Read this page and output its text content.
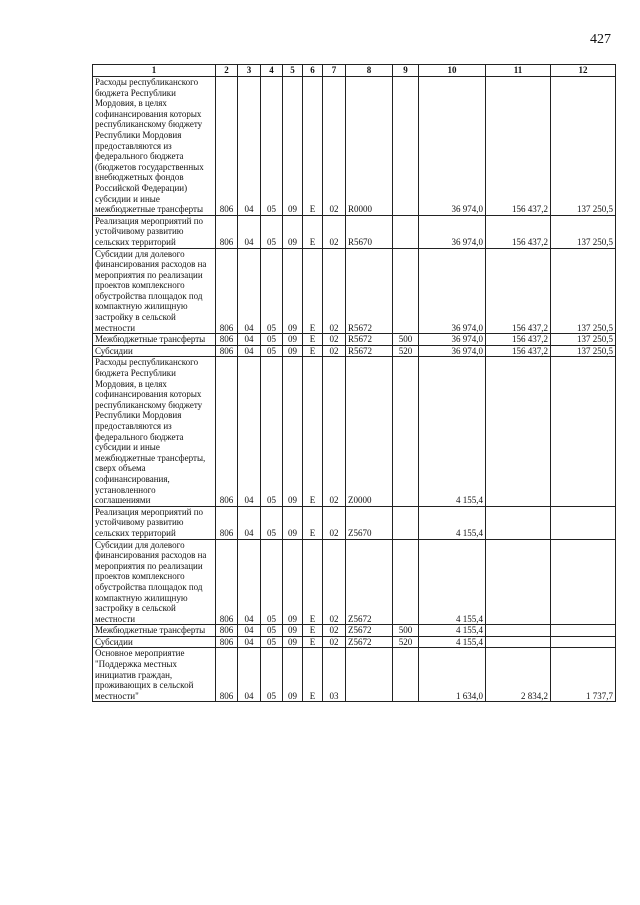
427
1	2	3	4	5	6	7	8	9	10	11	12
Расходы республиканского бюджета Республики Мордовия, в целях софинансирования которых республиканскому бюджету Республики Мордовия предоставляются из федерального бюджета (бюджетов государственных внебюджетных фондов Российской Федерации) субсидии и иные межбюджетные трансферты	806	04	05	09	Е	02	R0000		36 974,0	156 437,2	137 250,5
Реализация мероприятий по устойчивому развитию сельских территорий	806	04	05	09	Е	02	R5670		36 974,0	156 437,2	137 250,5
Субсидии для долевого финансирования расходов на мероприятия по реализации проектов комплексного обустройства площадок под компактную жилищную застройку в сельской местности	806	04	05	09	Е	02	R5672		36 974,0	156 437,2	137 250,5
Межбюджетные трансферты	806	04	05	09	Е	02	R5672	500	36 974,0	156 437,2	137 250,5
Субсидии	806	04	05	09	Е	02	R5672	520	36 974,0	156 437,2	137 250,5
Расходы республиканского бюджета Республики Мордовия, в целях софинансирования которых республиканскому бюджету Республики Мордовия предоставляются из федерального бюджета субсидии и иные межбюджетные трансферты, сверх объема софинансирования, установленного соглашениями	806	04	05	09	Е	02	Z0000		4 155,4		
Реализация мероприятий по устойчивому развитию сельских территорий	806	04	05	09	Е	02	Z5670		4 155,4		
Субсидии для долевого финансирования расходов на мероприятия по реализации проектов комплексного обустройства площадок под компактную жилищную застройку в сельской местности	806	04	05	09	Е	02	Z5672		4 155,4		
Межбюджетные трансферты	806	04	05	09	Е	02	Z5672	500	4 155,4		
Субсидии	806	04	05	09	Е	02	Z5672	520	4 155,4		
Основное мероприятие "Поддержка местных инициатив граждан, проживающих в сельской местности"	806	04	05	09	Е	03			1 634,0	2 834,2	1 737,7
